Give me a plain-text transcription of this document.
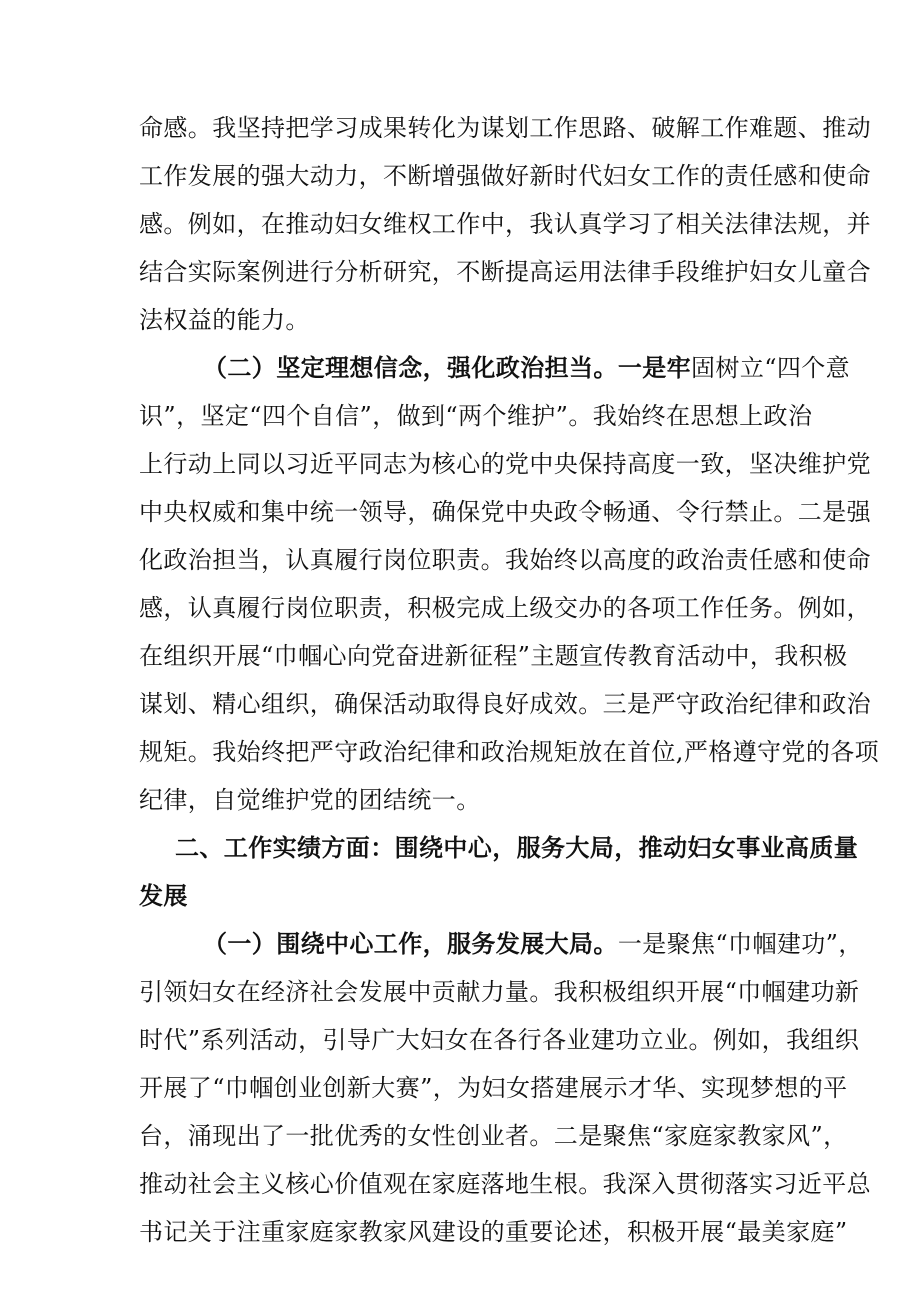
命感。我坚持把学习成果转化为谋划工作思路、破解工作难题、推动
工作发展的强大动力，不断增强做好新时代妇女工作的责任感和使命
感。例如，在推动妇女维权工作中，我认真学习了相关法律法规，并
结合实际案例进行分析研究，不断提高运用法律手段维护妇女儿童合
法权益的能力。
（二）坚定理想信念，强化政治担当。一是牢固树立“四个意
识”，坚定“四个自信”，做到“两个维护”。我始终在思想上政治
上行动上同以习近平同志为核心的党中央保持高度一致，坚决维护党
中央权威和集中统一领导，确保党中央政令畅通、令行禁止。二是强
化政治担当，认真履行岗位职责。我始终以高度的政治责任感和使命
感，认真履行岗位职责，积极完成上级交办的各项工作任务。例如，
在组织开展“巾帼心向党奋进新征程”主题宣传教育活动中，我积极
谋划、精心组织，确保活动取得良好成效。三是严守政治纪律和政治
规矩。我始终把严守政治纪律和政治规矩放在首位,严格遵守党的各项
纪律，自觉维护党的团结统一。
二、工作实绩方面：围绕中心，服务大局，推动妇女事业高质量
发展
（一）围绕中心工作，服务发展大局。一是聚焦“巾帼建功”，
引领妇女在经济社会发展中贡献力量。我积极组织开展“巾帼建功新
时代”系列活动，引导广大妇女在各行各业建功立业。例如，我组织
开展了“巾帼创业创新大赛”，为妇女搭建展示才华、实现梦想的平
台，涌现出了一批优秀的女性创业者。二是聚焦“家庭家教家风”，
推动社会主义核心价值观在家庭落地生根。我深入贯彻落实习近平总
书记关于注重家庭家教家风建设的重要论述，积极开展“最美家庭”
